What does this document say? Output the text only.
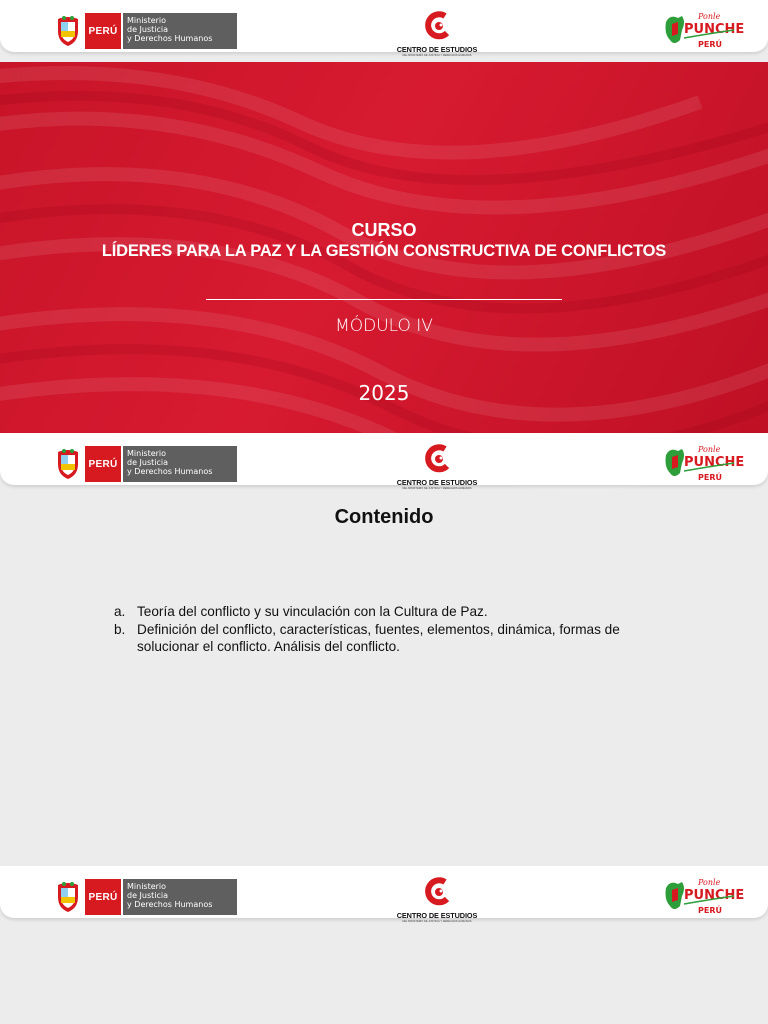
PERÚ
Ministerio
de Justicia
y Derechos Humanos
CENTRO DE ESTUDIOS
DEL MINISTERIO DE JUSTICIA Y DERECHOS HUMANOS
Ponle
PUNCHE
PERÚ
CURSO
LÍDERES PARA LA PAZ Y LA GESTIÓN CONSTRUCTIVA DE CONFLICTOS
MÓDULO IV
2025
Contenido
a. Teoría del conflicto y su vinculación con la Cultura de Paz.
b. Definición del conflicto, características, fuentes, elementos, dinámica, formas de solucionar el conflicto. Análisis del conflicto.
PERÚ
Ministerio
de Justicia
y Derechos Humanos
CENTRO DE ESTUDIOS
DEL MINISTERIO DE JUSTICIA Y DERECHOS HUMANOS
Ponle
PUNCHE
PERÚ
PERÚ
Ministerio
de Justicia
y Derechos Humanos
CENTRO DE ESTUDIOS
DEL MINISTERIO DE JUSTICIA Y DERECHOS HUMANOS
Ponle
PUNCHE
PERÚ
